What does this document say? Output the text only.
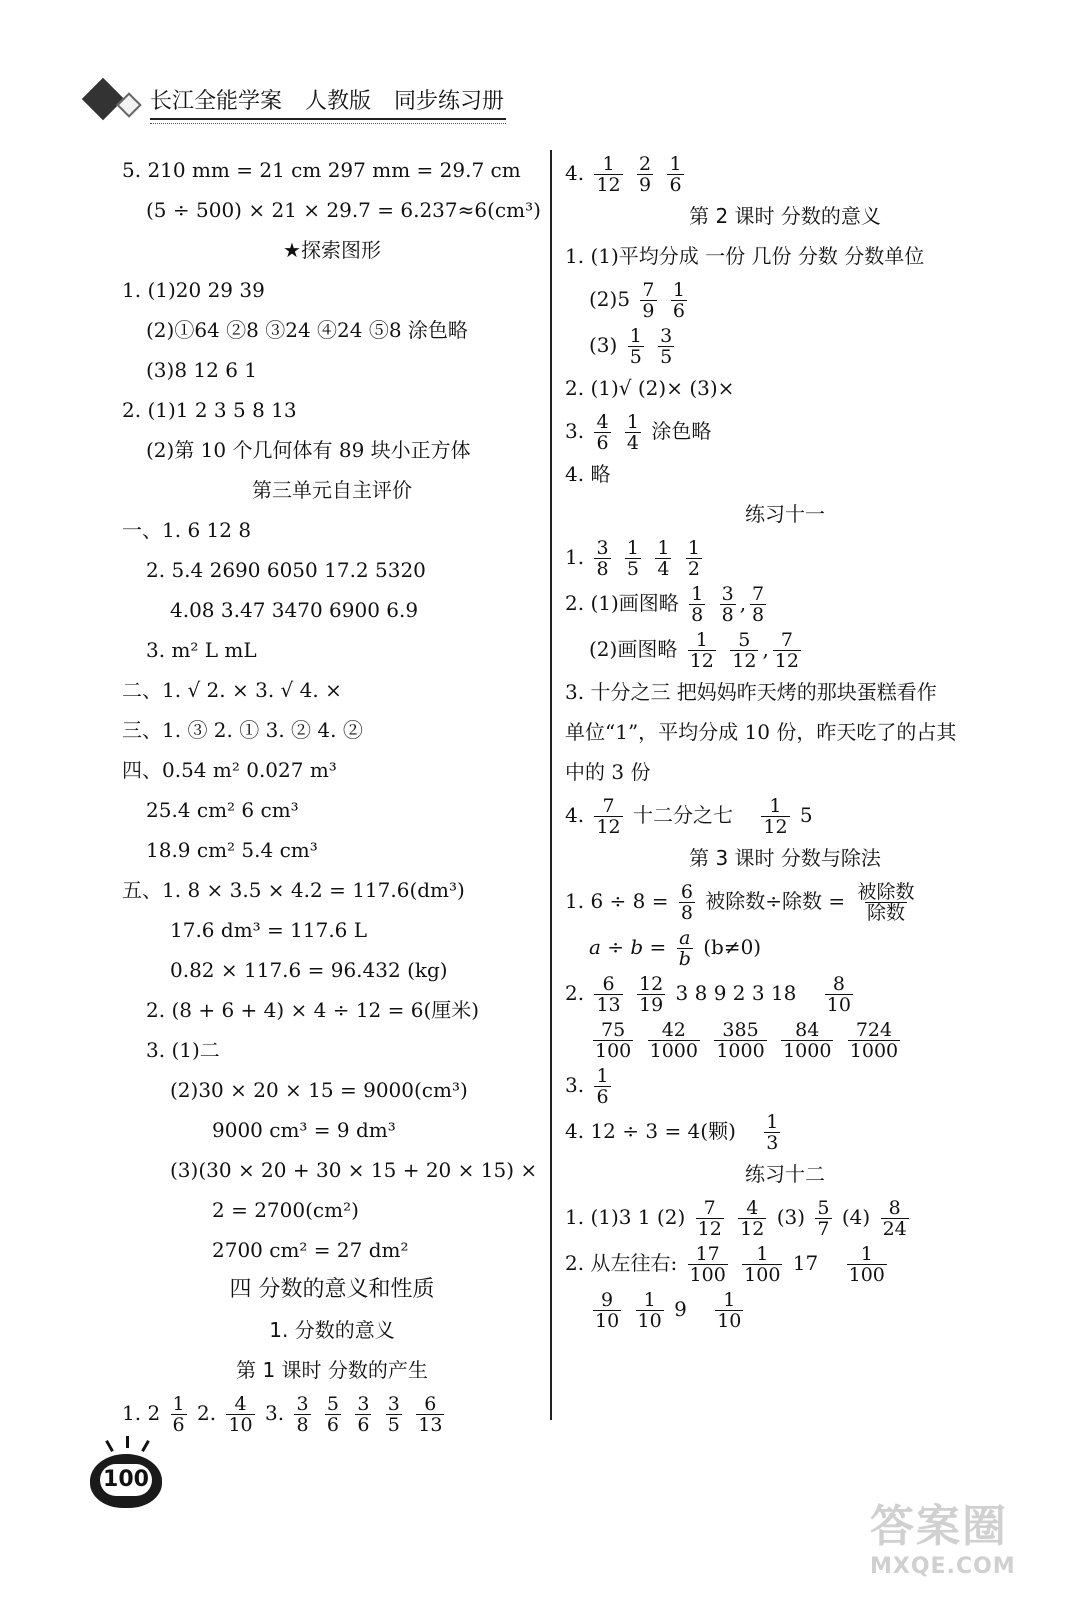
长江全能学案 人教版 同步练习册
5. 210 mm = 21 cm 297 mm = 29.7 cm
(5 ÷ 500) × 21 × 29.7 = 6.237≈6(cm³)
★探索图形
1. (1)20 29 39
(2)①64 ②8 ③24 ④24 ⑤8 涂色略
(3)8 12 6 1
2. (1)1 2 3 5 8 13
(2)第 10 个几何体有 89 块小正方体
第三单元自主评价
一、1. 6 12 8
2. 5.4 2690 6050 17.2 5320
4.08 3.47 3470 6900 6.9
3. m² L mL
二、1. √ 2. × 3. √ 4. ×
三、1. ③ 2. ① 3. ② 4. ②
四、0.54 m² 0.027 m³
25.4 cm² 6 cm³
18.9 cm² 5.4 cm³
五、1. 8 × 3.5 × 4.2 = 117.6(dm³)
17.6 dm³ = 117.6 L
0.82 × 117.6 = 96.432 (kg)
2. (8 + 6 + 4) × 4 ÷ 12 = 6(厘米)
3. (1)二
(2)30 × 20 × 15 = 9000(cm³)
9000 cm³ = 9 dm³
(3)(30 × 20 + 30 × 15 + 20 × 15) ×
2 = 2700(cm²)
2700 cm² = 27 dm²
四 分数的意义和性质
1. 分数的意义
第 1 课时 分数的产生
1. $2 \frac{1}{6} 2$. $\frac{4}{10} 3$. $\frac{3}{8}$
$\frac{5}{6}$
$\frac{3}{6}$
$\frac{3}{5}$
$\frac{6}{13}$
4. $\frac{1}{12}$
$\frac{2}{9}$
$\frac{1}{6}$
第 2 课时 分数的意义
1. (1)平均分成 一份 几份 分数 分数单位
$(2)5 \frac{7}{9}$
$\frac{1}{6}$
$(3) \frac{1}{5}$
$\frac{3}{5}$
2. (1)√ (2)× (3)×
3. $\frac{4}{6}$
$\frac{1}{4}$ 涂色略
4. 略
练习十一
1. $\frac{3}{8}$
$\frac{1}{5}$
$\frac{1}{4}$
$\frac{1}{2}$
2. (1)画图略 $\frac{1}{8}$
$\frac{3}{8}$ , $\frac{7}{8}$
(2)画图略 $\frac{1}{12}$
$\frac{5}{12}$ , $\frac{7}{12}$
3. 十分之三 把妈妈昨天烤的那块蛋糕看作
单位“1”，平均分成 10 份，昨天吃了的占其
中的 3 份
4. $\frac{7}{12}$ 十二分之七 $\frac{1}{12} 5$
第 3 课时 分数与除法
1. $6 \div 8 = \frac{6}{8}$ 被除数÷除数 = $\frac{\text{被除数}}{\text{除数}}$
$a \div b = \frac{a}{b} (b\ne 0)$
2. $\frac{6}{13}$
$\frac{12}{19} 3$ 8 9 2 3 $18 \frac{8}{10}$
$\frac{75}{100}$
$\frac{42}{1000}$
$\frac{385}{1000}$
$\frac{84}{1000}$
$\frac{724}{1000}$
3. $\frac{1}{6}$
4. 12 ÷ 3 = 4(颗) $\frac{1}{3}$
练习十二
1. (1)3 1 $(2) \frac{7}{12}$
$\frac{4}{12} (3) \frac{5}{7} (4) \frac{8}{24}$
2. 从左往右: $\frac{17}{100}$
$\frac{1}{100} 17 \frac{1}{100}$
$\frac{9}{10}$
$\frac{1}{10} 9 \frac{1}{10}$
100
答案圈
MXQE.COM
